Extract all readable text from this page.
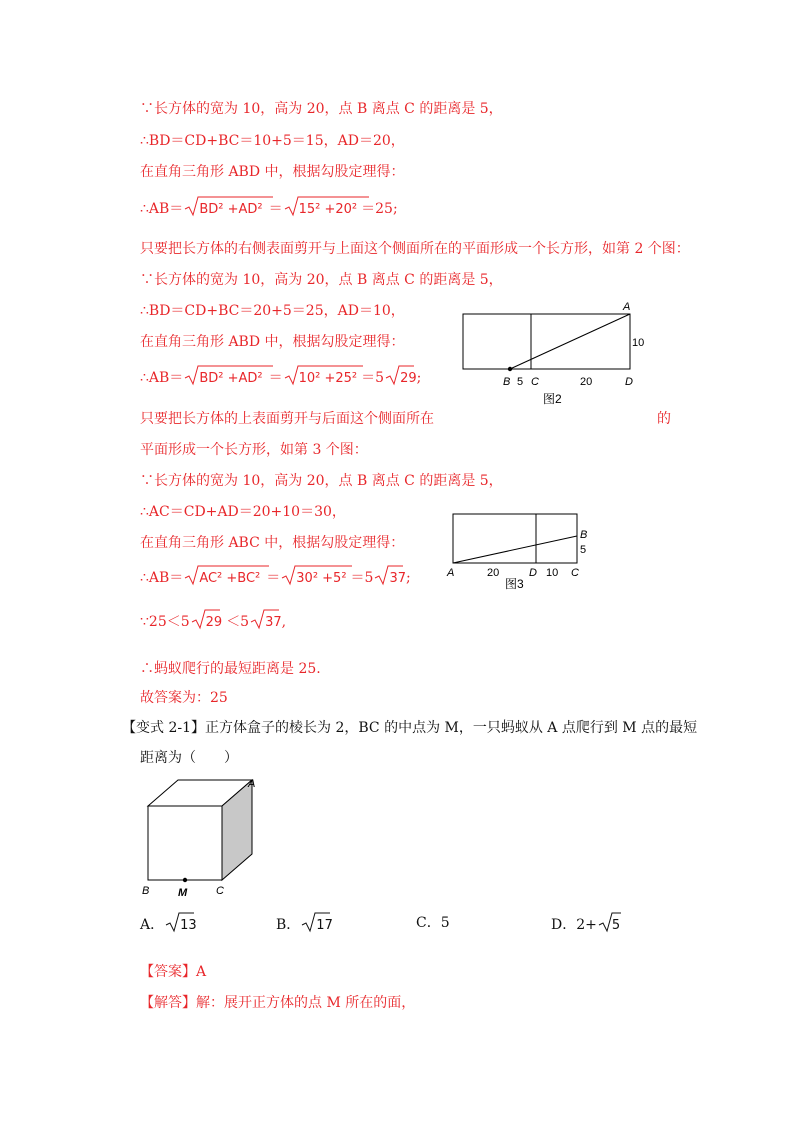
∵长方体的宽为 10，高为 20，点 B 离点 C 的距离是 5，
∴BD＝CD+BC＝10+5＝15，AD＝20，
在直角三角形 ABD 中，根据勾股定理得：
∴AB＝ BD² +AD² ＝ 15² +20² ＝25;
只要把长方体的右侧表面剪开与上面这个侧面所在的平面形成一个长方形，如第 2 个图：
∵长方体的宽为 10，高为 20，点 B 离点 C 的距离是 5，
∴BD＝CD+BC＝20+5＝25，AD＝10，
在直角三角形 ABD 中，根据勾股定理得：
∴AB＝ BD² +AD² ＝ 10² +25² ＝5 29;
A
10
B 5 C	20	D
图2
只要把长方体的上表面剪开与后面这个侧面所在	的
平面形成一个长方形，如第 3 个图：
∵长方体的宽为 10，高为 20，点 B 离点 C 的距离是 5，
∴AC＝CD+AD＝20+10＝30，
在直角三角形 ABC 中，根据勾股定理得：
∴AB＝ AC² +BC² ＝ 30² +5² ＝5 37;
B
5
A	20	D 10 C
图3
∵25＜5 29 ＜5 37,
∴蚂蚁爬行的最短距离是 25.
故答案为：25
【变式 2-1】正方体盒子的棱长为 2，BC 的中点为 M，一只蚂蚁从 A 点爬行到 M 点的最短
距离为（　　）
A
B	M	C
A． 13	B． 17	C．5	D．2+ 5
【答案】A
【解答】解：展开正方体的点 M 所在的面，
